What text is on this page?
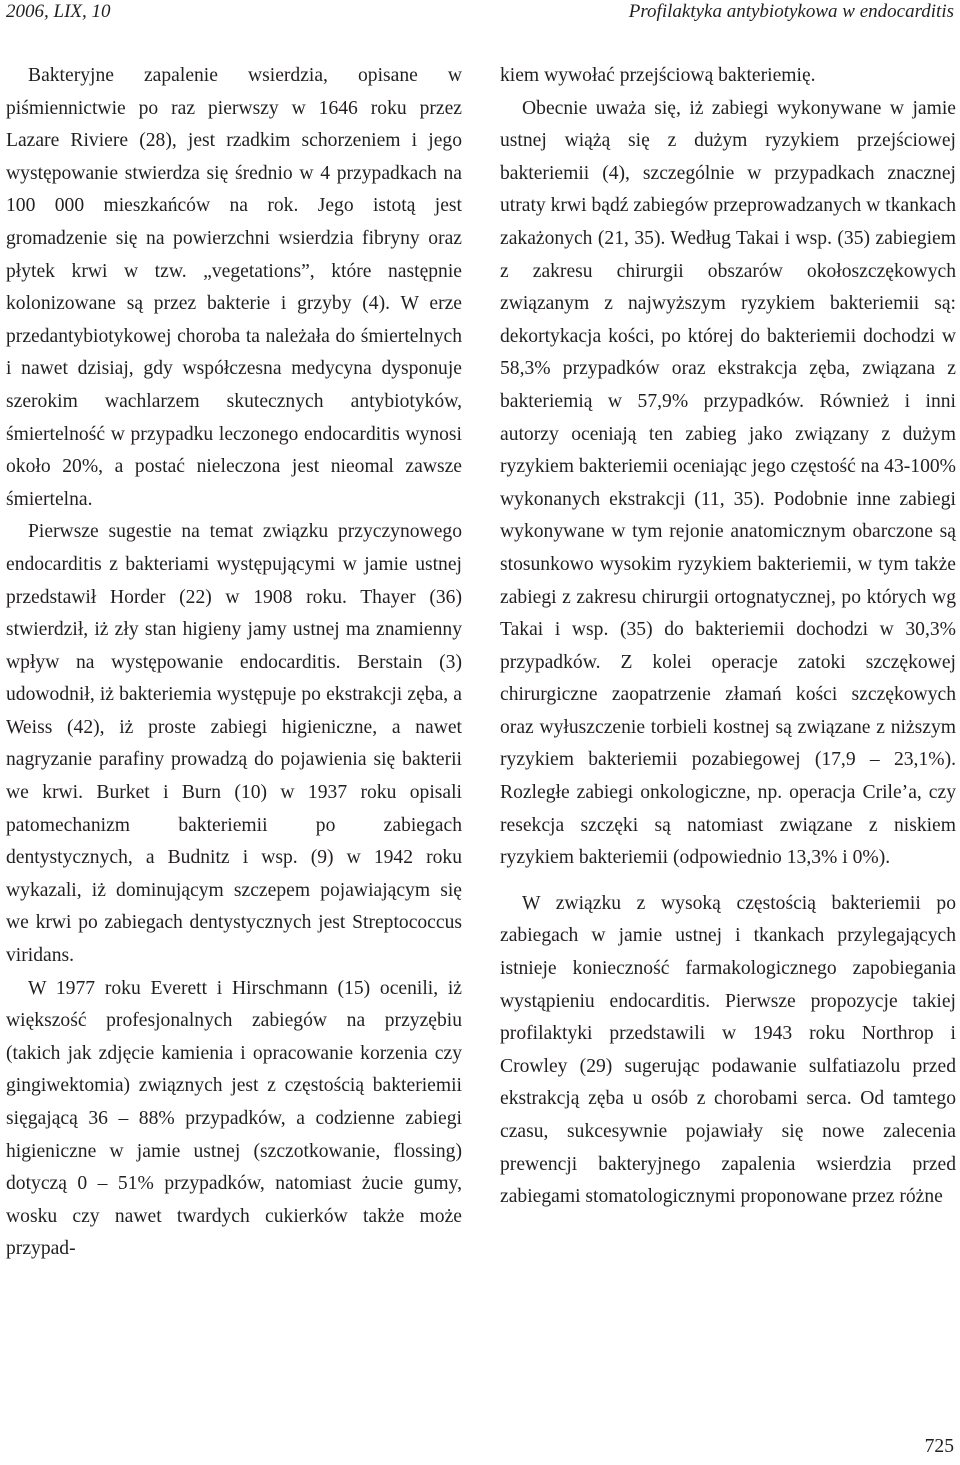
2006, LIX, 10	Profilaktyka antybiotykowa w endocarditis

Bakteryjne zapalenie wsierdzia, opisane w piśmiennictwie po raz pierwszy w 1646 roku przez Lazare Riviere (28), jest rzadkim schorzeniem i jego występowanie stwierdza się średnio w 4 przypadkach na 100 000 mieszkańców na rok. Jego istotą jest gromadzenie się na powierzchni wsierdzia fibryny oraz płytek krwi w tzw. „vegetations”, które następnie kolonizowane są przez bakterie i grzyby (4). W erze przedantybiotykowej choroba ta należała do śmiertelnych i nawet dzisiaj, gdy współczesna medycyna dysponuje szerokim wachlarzem skutecznych antybiotyków, śmiertelność w przypadku leczonego endocarditis wynosi około 20%, a postać nieleczona jest nieomal zawsze śmiertelna.

Pierwsze sugestie na temat związku przyczynowego endocarditis z bakteriami występującymi w jamie ustnej przedstawił Horder (22) w 1908 roku. Thayer (36) stwierdził, iż zły stan higieny jamy ustnej ma znamienny wpływ na występowanie endocarditis. Berstain (3) udowodnił, iż bakteriemia występuje po ekstrakcji zęba, a Weiss (42), iż proste zabiegi higieniczne, a nawet nagryzanie parafiny prowadzą do pojawienia się bakterii we krwi. Burket i Burn (10) w 1937 roku opisali patomechanizm bakteriemii po zabiegach dentystycznych, a Budnitz i wsp. (9) w 1942 roku wykazali, iż dominującym szczepem pojawiającym się we krwi po zabiegach dentystycznych jest Streptococcus viridans.

W 1977 roku Everett i Hirschmann (15) ocenili, iż większość profesjonalnych zabiegów na przyzębiu (takich jak zdjęcie kamienia i opracowanie korzenia czy gingiwektomia) związnych jest z częstością bakteriemii sięgającą 36 – 88% przypadków, a codzienne zabiegi higieniczne w jamie ustnej (szczotkowanie, flossing) dotyczą 0 – 51% przypadków, natomiast żucie gumy, wosku czy nawet twardych cukierków także może przypad-

kiem wywołać przejściową bakteriemię.

Obecnie uważa się, iż zabiegi wykonywane w jamie ustnej wiążą się z dużym ryzykiem przejściowej bakteriemii (4), szczególnie w przypadkach znacznej utraty krwi bądź zabiegów przeprowadzanych w tkankach zakażonych (21, 35). Według Takai i wsp. (35) zabiegiem z zakresu chirurgii obszarów okołoszczękowych związanym z najwyższym ryzykiem bakteriemii są: dekortykacja kości, po której do bakteriemii dochodzi w 58,3% przypadków oraz ekstrakcja zęba, związana z bakteriemią w 57,9% przypadków. Również i inni autorzy oceniają ten zabieg jako związany z dużym ryzykiem bakteriemii oceniając jego częstość na 43-100% wykonanych ekstrakcji (11, 35). Podobnie inne zabiegi wykonywane w tym rejonie anatomicznym obarczone są stosunkowo wysokim ryzykiem bakteriemii, w tym także zabiegi z zakresu chirurgii ortognatycznej, po których wg Takai i wsp. (35) do bakteriemii dochodzi w 30,3% przypadków. Z kolei operacje zatoki szczękowej chirurgiczne zaopatrzenie złamań kości szczękowych oraz wyłuszczenie torbieli kostnej są związane z niższym ryzykiem bakteriemii pozabiegowej (17,9 – 23,1%). Rozległe zabiegi onkologiczne, np. operacja Crile’a, czy resekcja szczęki są natomiast związane z niskiem ryzykiem bakteriemii (odpowiednio 13,3% i 0%).

W związku z wysoką częstością bakteriemii po zabiegach w jamie ustnej i tkankach przylegających istnieje konieczność farmakologicznego zapobiegania wystąpieniu endocarditis. Pierwsze propozycje takiej profilaktyki przedstawili w 1943 roku Northrop i Crowley (29) sugerując podawanie sulfatiazolu przed ekstrakcją zęba u osób z chorobami serca. Od tamtego czasu, sukcesywnie pojawiały się nowe zalecenia prewencji bakteryjnego zapalenia wsierdzia przed zabiegami stomatologicznymi proponowane przez różne

725
